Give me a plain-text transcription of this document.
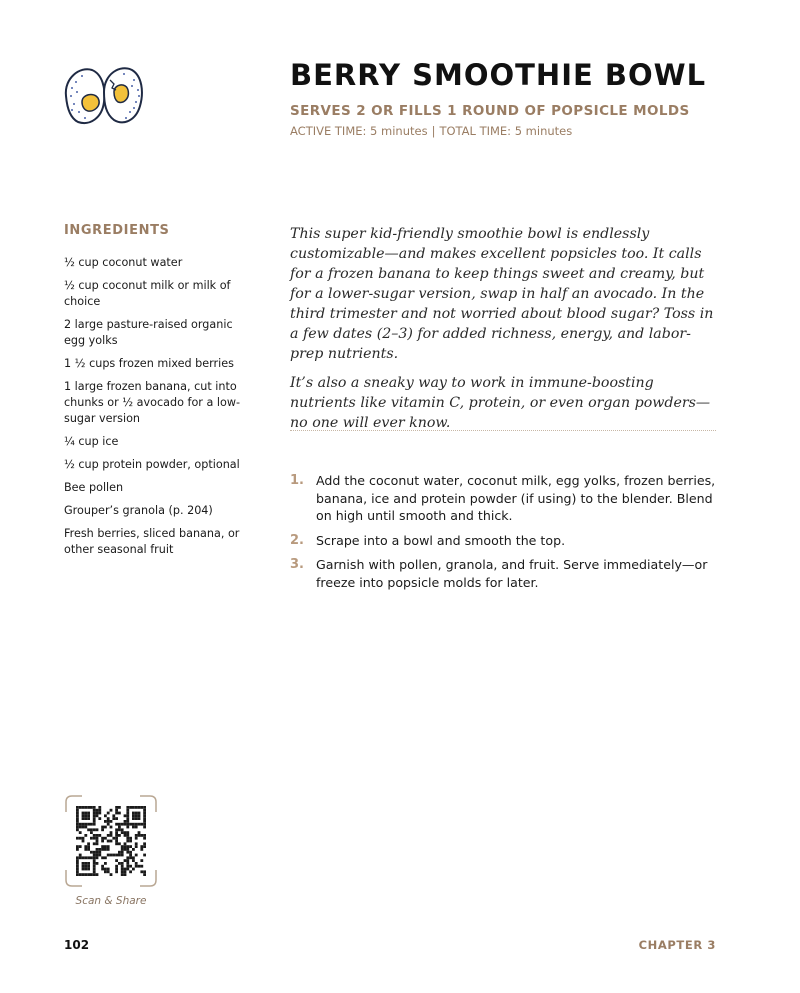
BERRY SMOOTHIE BOWL
SERVES 2 OR FILLS 1 ROUND OF POPSICLE MOLDS
ACTIVE TIME: 5 minutes | TOTAL TIME: 5 minutes
INGREDIENTS
½ cup coconut water
½ cup coconut milk or milk of choice
2 large pasture-raised organic egg yolks
1 ½ cups frozen mixed berries
1 large frozen banana, cut into chunks or ½ avocado for a low-sugar version
¼ cup ice
½ cup protein powder, optional
Bee pollen
Grouper’s granola (p. 204)
Fresh berries, sliced banana, or other seasonal fruit

This super kid-friendly smoothie bowl is endlessly customizable—and makes excellent popsicles too. It calls for a frozen banana to keep things sweet and creamy, but for a lower-sugar version, swap in half an avocado. In the third trimester and not worried about blood sugar? Toss in a few dates (2–3) for added richness, energy, and labor-prep nutrients.

It’s also a sneaky way to work in immune-boosting nutrients like vitamin C, protein, or even organ powders—no one will ever know.

1. Add the coconut water, coconut milk, egg yolks, frozen berries, banana, ice and protein powder (if using) to the blender. Blend on high until smooth and thick.
2. Scrape into a bowl and smooth the top.
3. Garnish with pollen, granola, and fruit. Serve immediately—or freeze into popsicle molds for later.
Scan & Share
102	CHAPTER 3
